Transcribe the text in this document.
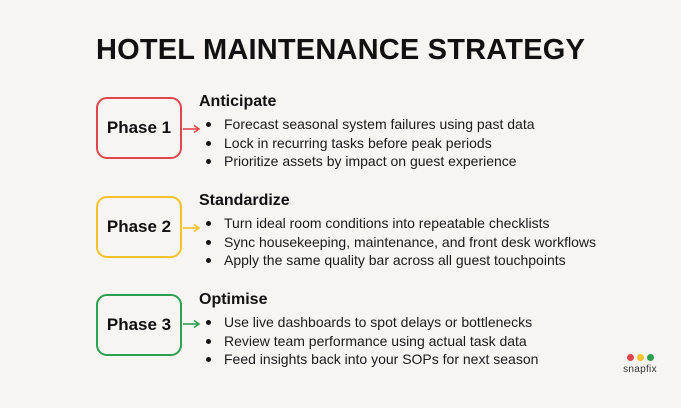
HOTEL MAINTENANCE STRATEGY
Phase 1
Anticipate
Forecast seasonal system failures using past data
Lock in recurring tasks before peak periods
Prioritize assets by impact on guest experience
Phase 2
Standardize
Turn ideal room conditions into repeatable checklists
Sync housekeeping, maintenance, and front desk workflows
Apply the same quality bar across all guest touchpoints
Phase 3
Optimise
Use live dashboards to spot delays or bottlenecks
Review team performance using actual task data
Feed insights back into your SOPs for next season
snapfix
